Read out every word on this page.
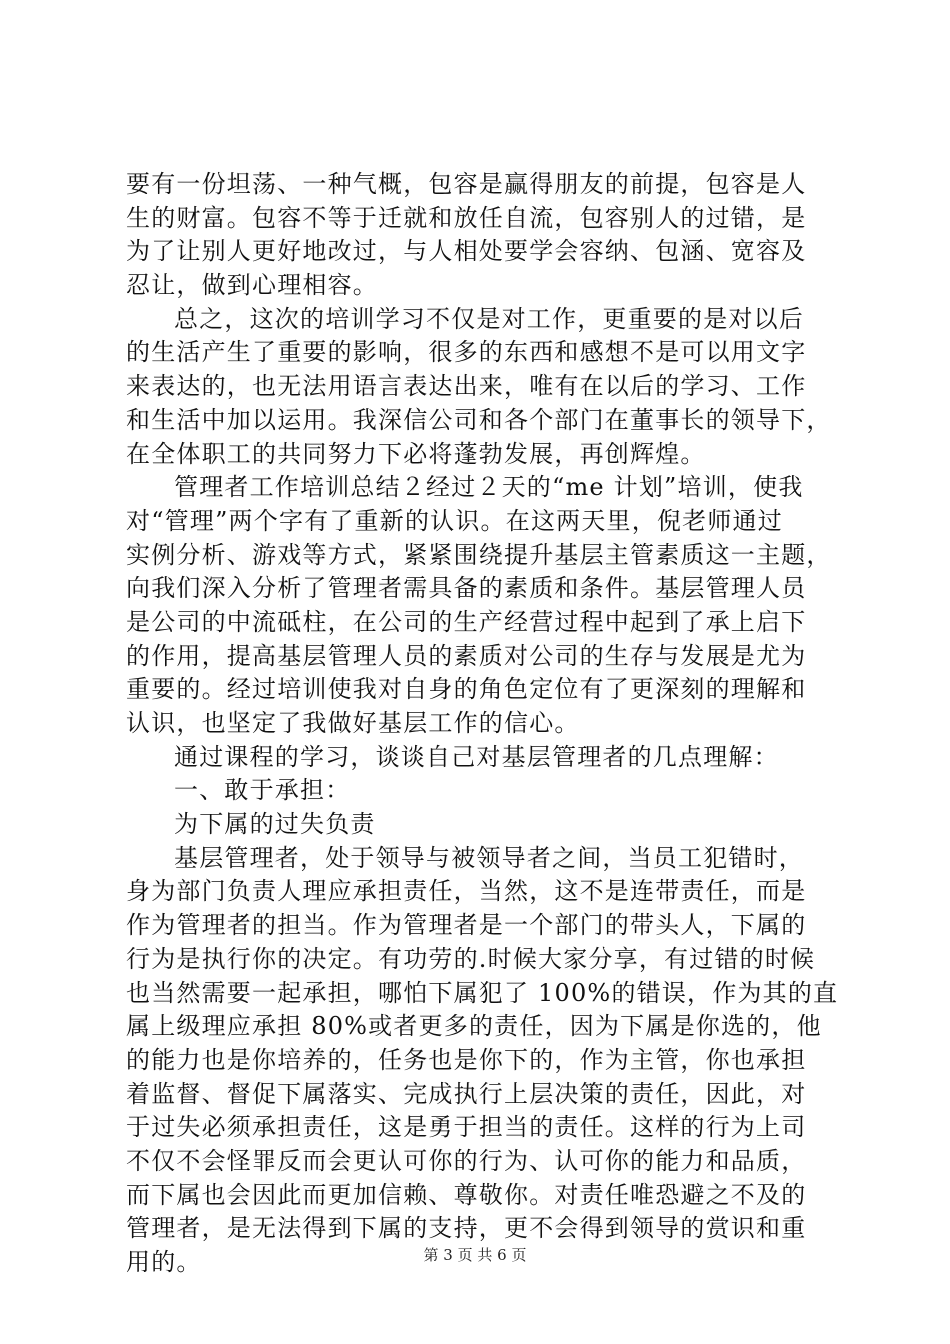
要有一份坦荡、一种气概，包容是赢得朋友的前提，包容是人
生的财富。包容不等于迁就和放任自流，包容别人的过错，是
为了让别人更好地改过，与人相处要学会容纳、包涵、宽容及
忍让，做到心理相容。
总之，这次的培训学习不仅是对工作，更重要的是对以后
的生活产生了重要的影响，很多的东西和感想不是可以用文字
来表达的，也无法用语言表达出来，唯有在以后的学习、工作
和生活中加以运用。我深信公司和各个部门在董事长的领导下，
在全体职工的共同努力下必将蓬勃发展，再创辉煌。
管理者工作培训总结２经过２天的“me 计划”培训，使我
对“管理”两个字有了重新的认识。在这两天里，倪老师通过
实例分析、游戏等方式，紧紧围绕提升基层主管素质这一主题，
向我们深入分析了管理者需具备的素质和条件。基层管理人员
是公司的中流砥柱，在公司的生产经营过程中起到了承上启下
的作用，提高基层管理人员的素质对公司的生存与发展是尤为
重要的。经过培训使我对自身的角色定位有了更深刻的理解和
认识，也坚定了我做好基层工作的信心。
通过课程的学习，谈谈自己对基层管理者的几点理解：
一、敢于承担：
为下属的过失负责
基层管理者，处于领导与被领导者之间，当员工犯错时，
身为部门负责人理应承担责任，当然，这不是连带责任，而是
作为管理者的担当。作为管理者是一个部门的带头人，下属的
行为是执行你的决定。有功劳的.时候大家分享，有过错的时候
也当然需要一起承担，哪怕下属犯了 100%的错误，作为其的直
属上级理应承担 80%或者更多的责任，因为下属是你选的，他
的能力也是你培养的，任务也是你下的，作为主管，你也承担
着监督、督促下属落实、完成执行上层决策的责任，因此，对
于过失必须承担责任，这是勇于担当的责任。这样的行为上司
不仅不会怪罪反而会更认可你的行为、认可你的能力和品质，
而下属也会因此而更加信赖、尊敬你。对责任唯恐避之不及的
管理者，是无法得到下属的支持，更不会得到领导的赏识和重
用的。	第 3 页 共 6 页
